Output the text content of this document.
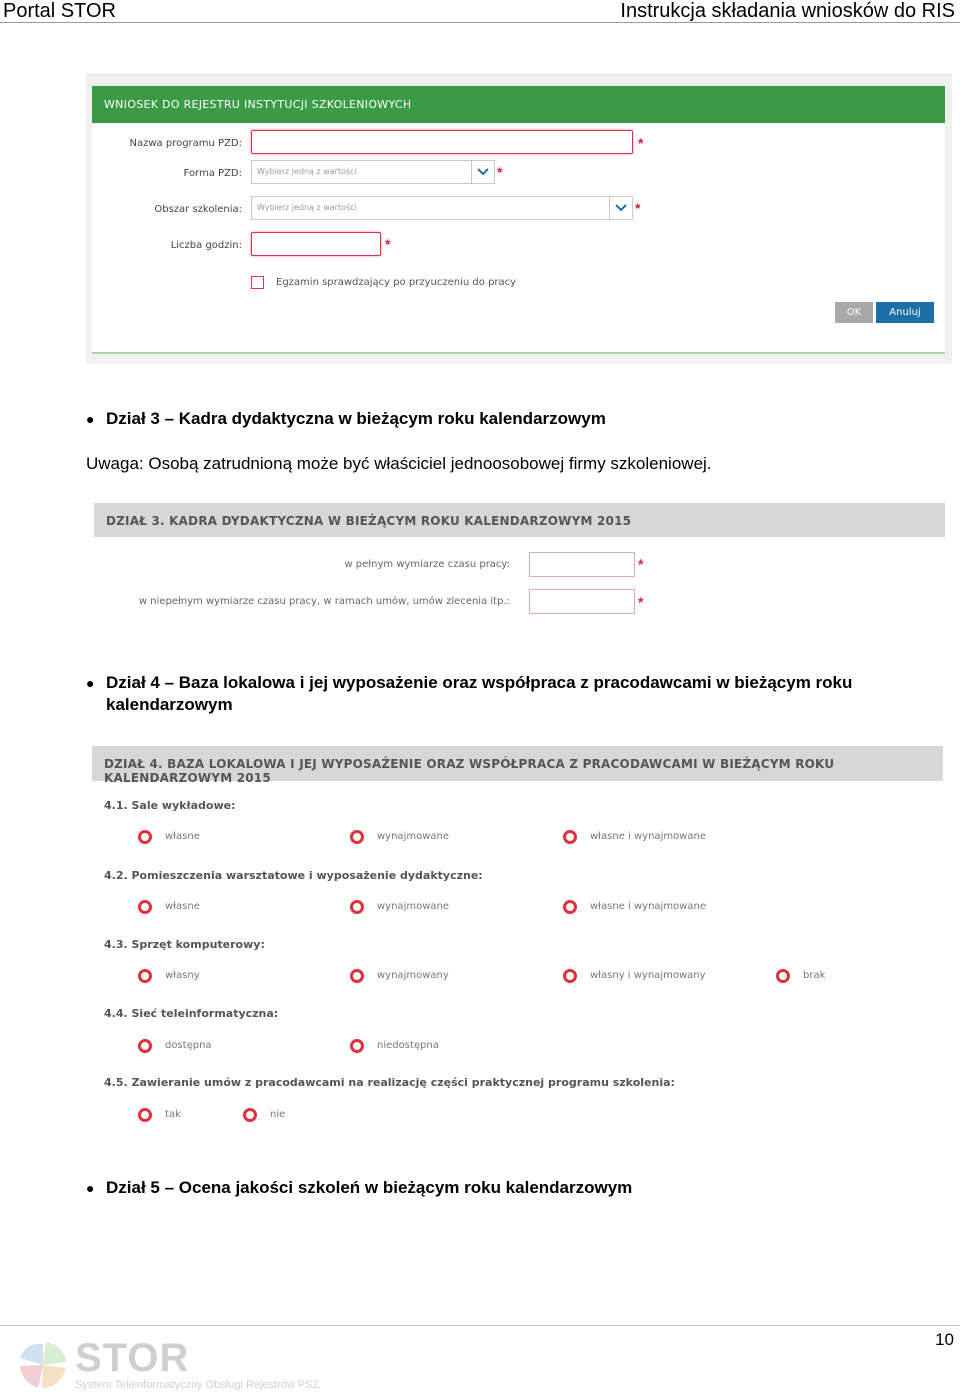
Portal STOR	Instrukcja składania wniosków do RIS
WNIOSEK DO REJESTRU INSTYTUCJI SZKOLENIOWYCH
Nazwa programu PZD:	*
Forma PZD: Wybierz jedną z wartości	*
Obszar szkolenia: Wybierz jedną z wartości	*
Liczba godzin:	*
Egzamin sprawdzający po przyuczeniu do pracy
OK	Anuluj
● Dział 3 – Kadra dydaktyczna w bieżącym roku kalendarzowym
Uwaga: Osobą zatrudnioną może być właściciel jednoosobowej firmy szkoleniowej.
DZIAŁ 3. KADRA DYDAKTYCZNA W BIEŻĄCYM ROKU KALENDARZOWYM 2015
w pełnym wymiarze czasu pracy:	*
w niepełnym wymiarze czasu pracy, w ramach umów, umów zlecenia itp.:	*
● Dział 4 – Baza lokalowa i jej wyposażenie oraz współpraca z pracodawcami w bieżącym roku
kalendarzowym
DZIAŁ 4. BAZA LOKALOWA I JEJ WYPOSAŻENIE ORAZ WSPÓŁPRACA Z PRACODAWCAMI W BIEŻĄCYM ROKU KALENDARZOWYM 2015
4.1. Sale wykładowe:
własne	wynajmowane	własne i wynajmowane
4.2. Pomieszczenia warsztatowe i wyposażenie dydaktyczne:
własne	wynajmowane	własne i wynajmowane
4.3. Sprzęt komputerowy:
własny	wynajmowany	własny i wynajmowany	brak
4.4. Sieć teleinformatyczna:
dostępna	niedostępna
4.5. Zawieranie umów z pracodawcami na realizację części praktycznej programu szkolenia:
tak	nie
● Dział 5 – Ocena jakości szkoleń w bieżącym roku kalendarzowym
STOR
System Teleinformatyczny Obsługi Rejestrów PSZ
10
